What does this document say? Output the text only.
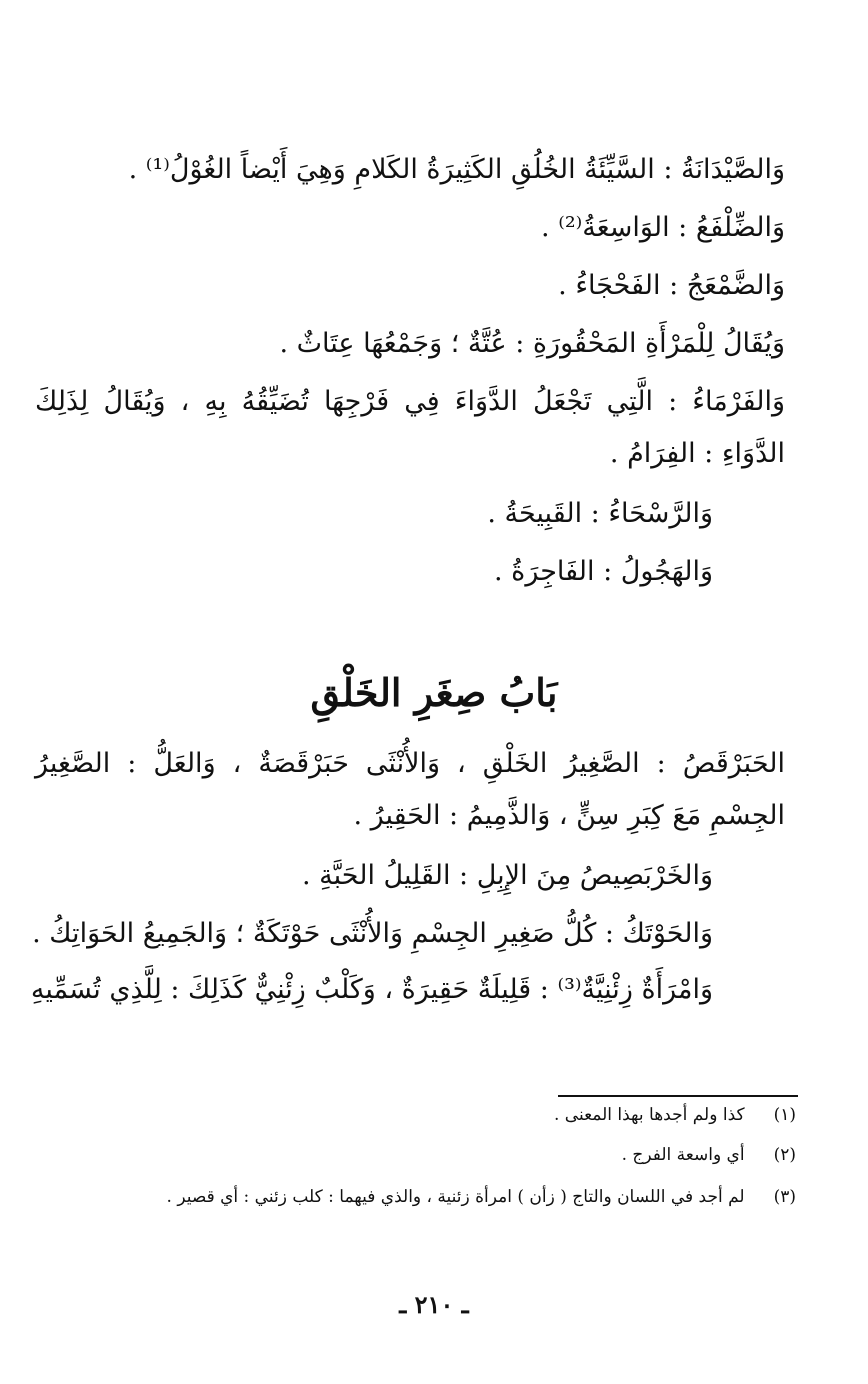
وَالصَّيْدَانَةُ : السَّيِّئَةُ الخُلُقِ الكَثِيرَةُ الكَلامِ وَهِيَ أَيْضاً الغُوْلُ⁽¹⁾ .
وَالضِّلْفَعُ : الوَاسِعَةُ⁽²⁾ .
وَالضَّمْعَجُ : الفَحْجَاءُ .
وَيُقَالُ لِلْمَرْأَةِ المَحْقُورَةِ : عُتَّةٌ ؛ وَجَمْعُهَا عِتَاثٌ .
وَالفَرْمَاءُ : الَّتِي تَجْعَلُ الدَّوَاءَ فِي فَرْجِهَا تُضَيِّقُهُ بِهِ ، وَيُقَالُ لِذَلِكَ
الدَّوَاءِ : الفِرَامُ .
وَالرَّسْحَاءُ : القَبِيحَةُ .
وَالهَجُولُ : الفَاجِرَةُ .
بَابُ صِغَرِ الخَلْقِ
الحَبَرْقَصُ : الصَّغِيرُ الخَلْقِ ، وَالأُنْثَى حَبَرْقَصَةٌ ، وَالعَلُّ : الصَّغِيرُ
الجِسْمِ مَعَ كِبَرِ سِنٍّ ، وَالذَّمِيمُ : الحَقِيرُ .
وَالخَرْبَصِيصُ مِنَ الإِبِلِ : القَلِيلُ الحَبَّةِ .
وَالحَوْتَكُ : كُلُّ صَغِيرِ الجِسْمِ وَالأُنْثَى حَوْتَكَةٌ ؛ وَالجَمِيعُ الحَوَاتِكُ .
وَامْرَأَةٌ زِئْنِيَّةٌ⁽³⁾ : قَلِيلَةٌ حَقِيرَةٌ ، وَكَلْبٌ زِئْنِيٌّ كَذَلِكَ : لِلَّذِي تُسَمِّيهِ
(١) كذا ولم أجدها بهذا المعنى .
(٢) أي واسعة الفرج .
(٣) لم أجد في اللسان والتاج ( زأن ) امرأة زئنية ، والذي فيهما : كلب زئني : أي قصير .
ـ ٢١٠ ـ
